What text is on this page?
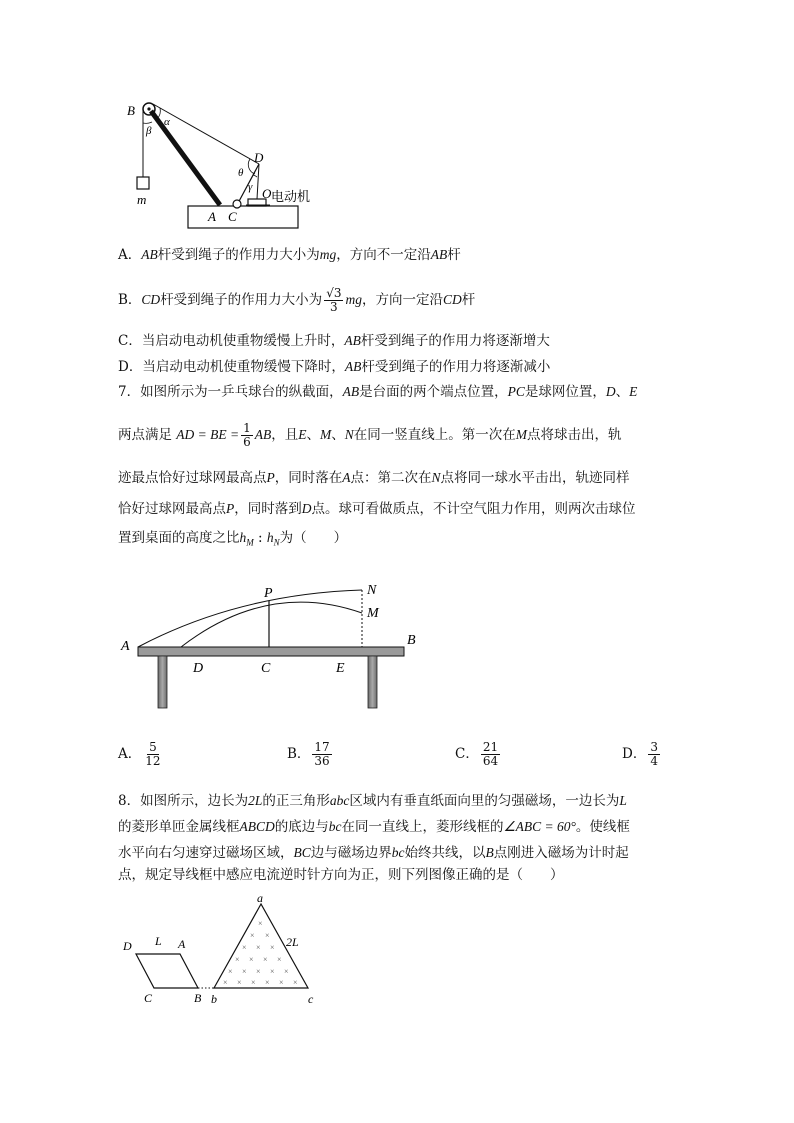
B
β
α
m
D
θ
γ O 电动机
A C
A．AB杆受到绳子的作用力大小为mg，方向不一定沿AB杆
B．CD杆受到绳子的作用力大小为 $\frac{√3}{3}$ mg，方向一定沿CD杆
C．当启动电动机使重物缓慢上升时，AB杆受到绳子的作用力将逐渐增大
D．当启动电动机使重物缓慢下降时，AB杆受到绳子的作用力将逐渐减小
7．如图所示为一乒乓球台的纵截面，AB是台面的两个端点位置，PC是球网位置，D、E
两点满足 AD = BE = $\frac{1}{6}$ AB，且E、M、N在同一竖直线上。第一次在M点将球击出，轨
迹最点恰好过球网最高点P，同时落在A点：第二次在N点将同一球水平击出，轨迹同样
恰好过球网最高点P，同时落到D点。球可看做质点，不计空气阻力作用，则两次击球位
置到桌面的高度之比$h_M$ : $h_N$为（　　）
A	B
P	N
M
D	C	E
A． $\frac{5}{12}$	B． $\frac{17}{36}$	C． $\frac{21}{64}$	D． $\frac{3}{4}$
8．如图所示，边长为2L的正三角形abc区域内有垂直纸面向里的匀强磁场，一边长为L
的菱形单匝金属线框ABCD的底边与bc在同一直线上，菱形线框的∠ABC = 60°。使线框
水平向右匀速穿过磁场区域，BC边与磁场边界bc始终共线，以B点刚进入磁场为计时起
点，规定导线框中感应电流逆时针方向为正，则下列图像正确的是（　　）
×
× ×
× × ×
× × × ×
× × × × ×
× × × × × ×
D L A
C	B
a
2L
b	c
